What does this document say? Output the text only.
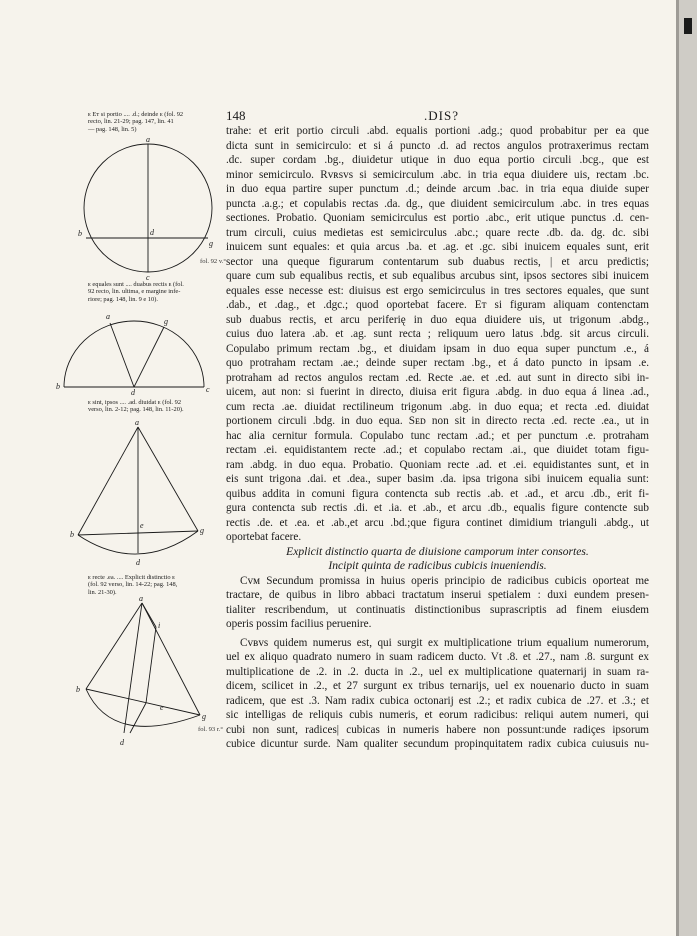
148	.DIS?
ᴇ Eᴛ si portio .... .d.; deinde ᴇ (fol. 92
recto, lin. 21-29; pag. 147, lin. 41
— pag. 148, lin. 5)
ᴇ equales sunt .... duabus rectis ᴇ (fol.
92 recto, lin. ultima, e margine infe-
riore; pag. 148, lin. 9 e 10).
ᴇ sint, ipsos .... .ad. diuidat ᴇ (fol. 92
verso, lin. 2-12; pag. 148, lin. 11-20).
ᴇ recte .ea. .... Explicit distinctio ᴇ
(fol. 92 verso, lin. 14-22; pag. 148,
lin. 21-30).
fol. 92 v.°
fol. 93 r.°
a
b	d
g
c
a
g
b
d	c
a
b
e
g
d
a
i
b
e
g
d

trahe: et erit portio circuli .abd. equalis portioni .adg.; quod probabitur per ea que

dicta sunt in semicirculo: et si á puncto .d. ad rectos angulos protraxerimus rectam

.dc. super cordam .bg., diuidetur utique in duo equa portio circuli .bcg., que est

minor semicirculo. Rᴠʀsᴠs si semicirculum .abc. in tria equa diuidere uis, rectam .bc.

in duo equa partire super punctum .d.; deinde arcum .bac. in tria equa diuide super

puncta .a.g.; et copulabis rectas .da. dg., que diuident semicirculum .abc. in tres equas

sectiones. Probatio. Quoniam semicirculus est portio .abc., erit utique punctus .d. cen-

trum circuli, cuius medietas est semicirculus .abc.; quare recte .db. da. dg. dc. sibi

inuicem sunt equales: et quia arcus .ba. et .ag. et .gc. sibi inuicem equales sunt, erit

sector una queque figurarum contentarum sub duabus rectis, | et arcu predictis;

quare cum sub equalibus rectis, et sub equalibus arcubus sint, ipsos sectores sibi inuicem

equales esse necesse est: diuisus est ergo semicirculus in tres sectores equales, que sunt

.dab., et .dag., et .dgc.; quod oportebat facere. Eᴛ si figuram aliquam contenctam

sub duabus rectis, et arcu periferię in duo equa diuidere uis, ut trigonum .abdg.,

cuius duo latera .ab. et .ag. sunt recta ; reliquum uero latus .bdg. sit arcus circuli.

Copulabo primum rectam .bg., et diuidam ipsam in duo equa super punctum .e., á

quo protraham rectam .ae.; deinde super rectam .bg., et á dato puncto in ipsam .e.

protraham ad rectos angulos rectam .ed. Recte .ae. et .ed. aut sunt in directo sibi in-

uicem, aut non: si fuerint in directo, diuisa erit figura .abdg. in duo equa á linea .ad.,

cum recta .ae. diuidat rectilineum trigonum .abg. in duo equa; et recta .ed. diuidat

portionem circuli .bdg. in duo equa. Sᴇᴅ non sit in directo recta .ed. recte .ea., ut in

hac alia cernitur formula. Copulabo tunc rectam .ad.; et per punctum .e. protraham

rectam .ei. equidistantem recte .ad.; et copulabo rectam .ai., que diuidet totam figu-

ram .abdg. in duo equa. Probatio. Quoniam recte .ad. et .ei. equidistantes sunt, et in

eis sunt trigona .dai. et .dea., super basim .da. ipsa trigona sibi inuicem equalia sunt:

quibus addita in comuni figura contencta sub rectis .ab. et .ad., et arcu .db., erit fi-

gura contencta sub rectis .di. et .ia. et .ab., et arcu .db., equalis figure contencte sub

rectis .de. et .ea. et .ab.,et arcu .bd.;que figura continet dimidium trianguli .abdg., ut

oportebat facere.

Explicit distinctio quarta de diuisione camporum inter consortes.

Incipit quinta de radicibus cubicis inueniendis.

Cᴠᴍ Secundum promissa in huius operis principio de radicibus cubicis oporteat me

tractare, de quibus in libro abbaci tractatum inserui spetialem : duxi eundem presen-

tialiter rescribendum, ut continuatis distinctionibus suprascriptis ad finem eiusdem

operis possim facilius peruenire.

Cᴠʙᴠs quidem numerus est, qui surgit ex multiplicatione trium equalium numerorum,

uel ex aliquo quadrato numero in suam radicem ducto. Vt .8. et .27., nam .8. surgunt ex

multiplicatione de .2. in .2. ducta in .2., uel ex multiplicatione quaternarij in suam ra-

dicem, scilicet in .2., et 27 surgunt ex tribus ternarijs, uel ex nouenario ducto in suam

radicem, que est .3. Nam radix cubica octonarij est .2.; et radix cubica de .27. et .3.; et

sic intelligas de reliquis cubis numeris, et eorum radicibus: reliqui autem numeri, qui

cubi non sunt, radices| cubicas in numeris habere non possunt:unde radiçes ipsorum

cubice dicuntur surde. Nam qualiter secundum propinquitatem radix cubica cuiusuis nu-
